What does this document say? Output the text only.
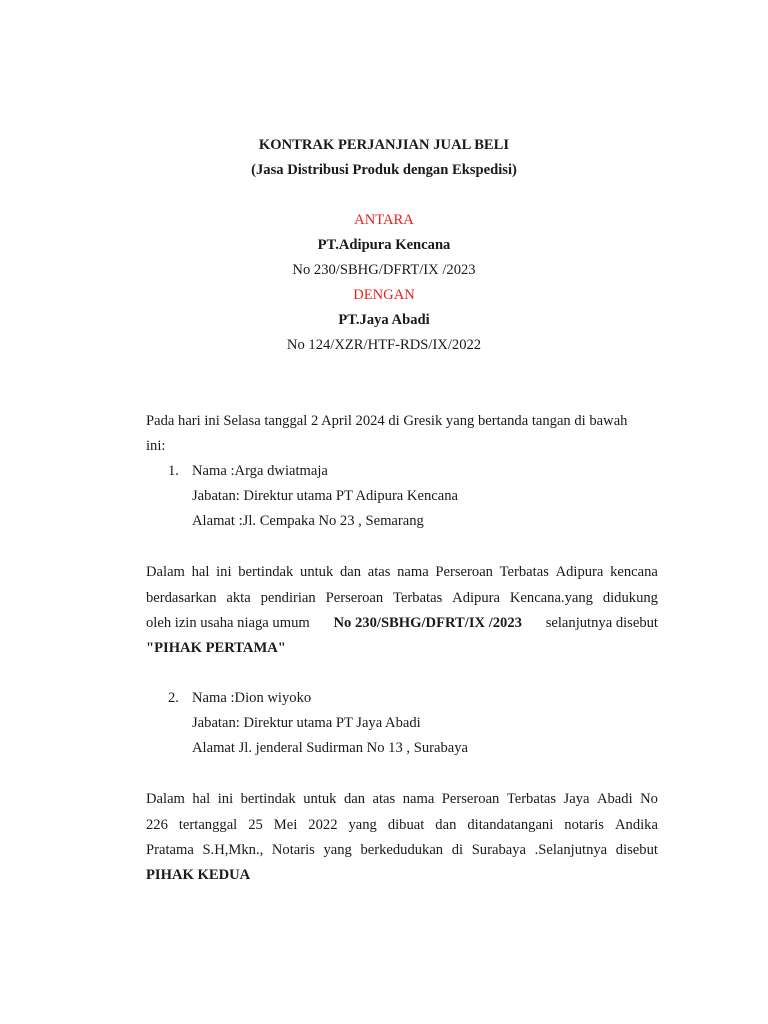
KONTRAK PERJANJIAN JUAL BELI
(Jasa Distribusi Produk dengan Ekspedisi)
ANTARA
PT.Adipura Kencana
No 230/SBHG/DFRT/IX /2023
DENGAN
PT.Jaya Abadi
No 124/XZR/HTF-RDS/IX/2022
Pada hari ini Selasa tanggal 2 April 2024 di Gresik yang bertanda tangan di bawah
ini:
1. Nama :Arga dwiatmaja
Jabatan: Direktur utama PT Adipura Kencana
Alamat :Jl. Cempaka No 23 , Semarang
Dalam hal ini bertindak untuk dan atas nama Perseroan Terbatas Adipura kencana
berdasarkan akta pendirian Perseroan Terbatas Adipura Kencana.yang didukung
oleh izin usaha niaga umum No 230/SBHG/DFRT/IX /2023 selanjutnya disebut
"PIHAK PERTAMA"
2. Nama :Dion wiyoko
Jabatan: Direktur utama PT Jaya Abadi
Alamat Jl. jenderal Sudirman No 13 , Surabaya
Dalam hal ini bertindak untuk dan atas nama Perseroan Terbatas Jaya Abadi No
226 tertanggal 25 Mei 2022 yang dibuat dan ditandatangani notaris Andika
Pratama S.H,Mkn., Notaris yang berkedudukan di Surabaya .Selanjutnya disebut
PIHAK KEDUA
